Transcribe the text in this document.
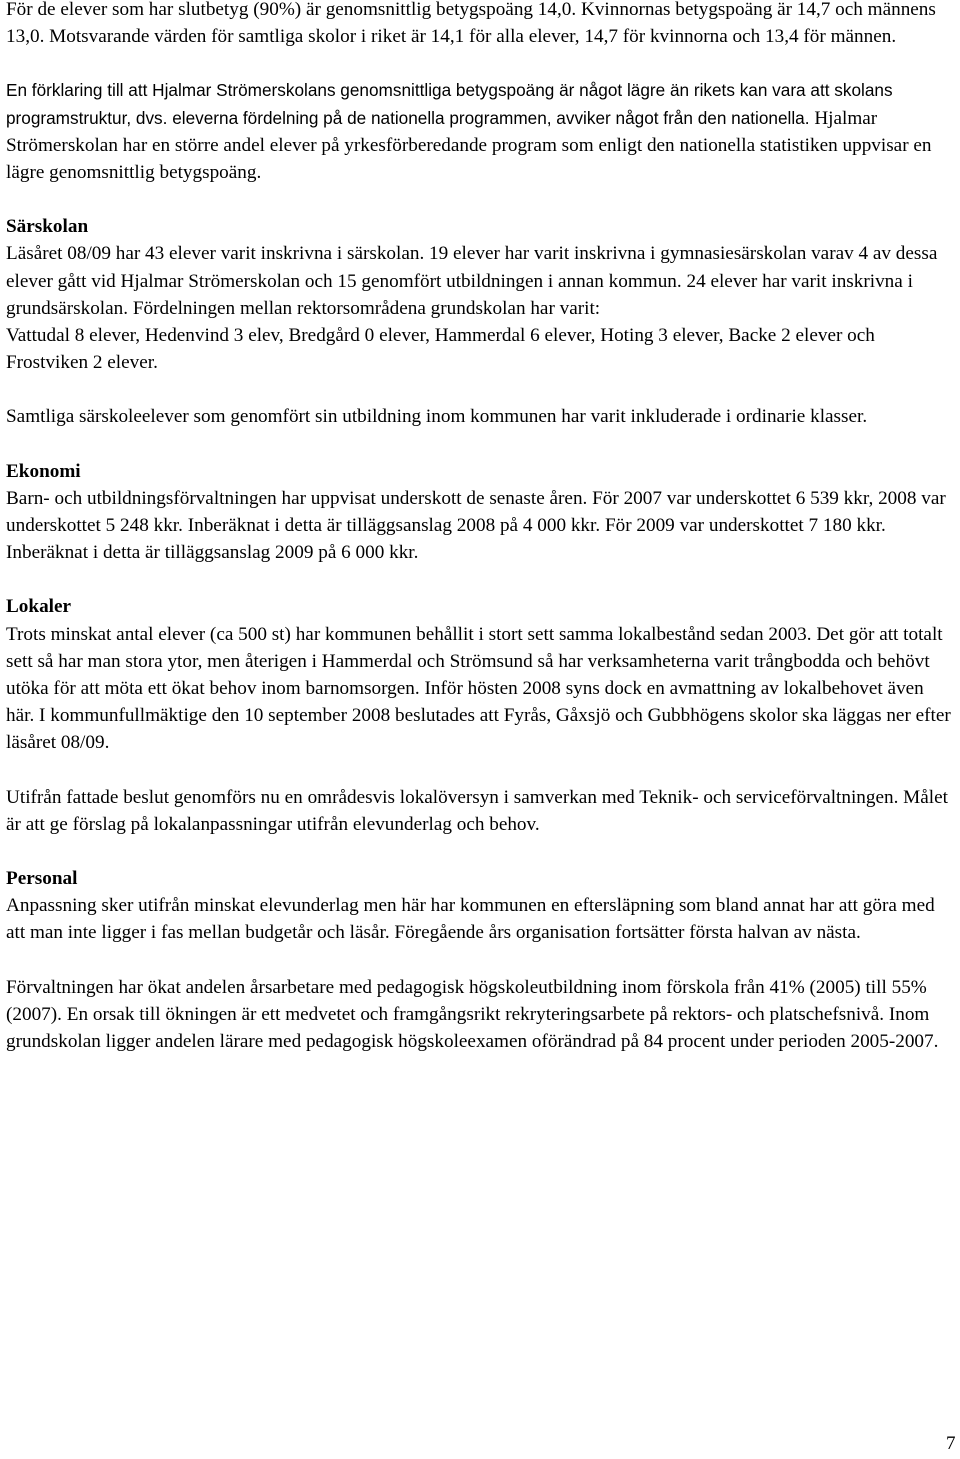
För de elever som har slutbetyg (90%) är genomsnittlig betygspoäng 14,0. Kvinnornas betygspoäng är 14,7 och männens 13,0. Motsvarande värden för samtliga skolor i riket är 14,1 för alla elever, 14,7 för kvinnorna och 13,4 för männen.

En förklaring till att Hjalmar Strömerskolans genomsnittliga betygspoäng är något lägre än rikets kan vara att skolans programstruktur, dvs. eleverna fördelning på de nationella programmen, avviker något från den nationella. Hjalmar Strömerskolan har en större andel elever på yrkesförberedande program som enligt den nationella statistiken uppvisar en lägre genomsnittlig betygspoäng.

Särskolan

Läsåret 08/09 har 43 elever varit inskrivna i särskolan. 19 elever har varit inskrivna i gymnasiesärskolan varav 4 av dessa elever gått vid Hjalmar Strömerskolan och 15 genomfört utbildningen i annan kommun. 24 elever har varit inskrivna i grundsärskolan. Fördelningen mellan rektorsområdena grundskolan har varit:

Vattudal 8 elever, Hedenvind 3 elev, Bredgård 0 elever, Hammerdal 6 elever, Hoting 3 elever, Backe 2 elever och Frostviken 2 elever.

Samtliga särskoleelever som genomfört sin utbildning inom kommunen har varit inkluderade i ordinarie klasser.

Ekonomi

Barn- och utbildningsförvaltningen har uppvisat underskott de senaste åren. För 2007 var underskottet 6 539 kkr, 2008 var underskottet 5 248 kkr. Inberäknat i detta är tilläggsanslag 2008 på 4 000 kkr. För 2009 var underskottet 7 180 kkr. Inberäknat i detta är tilläggsanslag 2009 på 6 000 kkr.

Lokaler

Trots minskat antal elever (ca 500 st) har kommunen behållit i stort sett samma lokalbestånd sedan 2003. Det gör att totalt sett så har man stora ytor, men återigen i Hammerdal och Strömsund så har verksamheterna varit trångbodda och behövt utöka för att möta ett ökat behov inom barnomsorgen. Inför hösten 2008 syns dock en avmattning av lokalbehovet även här. I kommunfullmäktige den 10 september 2008 beslutades att Fyrås, Gåxsjö och Gubbhögens skolor ska läggas ner efter läsåret 08/09.

Utifrån fattade beslut genomförs nu en områdesvis lokalöversyn i samverkan med Teknik- och serviceförvaltningen. Målet är att ge förslag på lokalanpassningar utifrån elevunderlag och behov.

Personal

Anpassning sker utifrån minskat elevunderlag men här har kommunen en eftersläpning som bland annat har att göra med att man inte ligger i fas mellan budgetår och läsår. Föregående års organisation fortsätter första halvan av nästa.

Förvaltningen har ökat andelen årsarbetare med pedagogisk högskoleutbildning inom förskola från 41% (2005) till 55% (2007). En orsak till ökningen är ett medvetet och framgångsrikt rekryteringsarbete på rektors- och platschefsnivå. Inom grundskolan ligger andelen lärare med pedagogisk högskoleexamen oförändrad på 84 procent under perioden 2005-2007.

7
